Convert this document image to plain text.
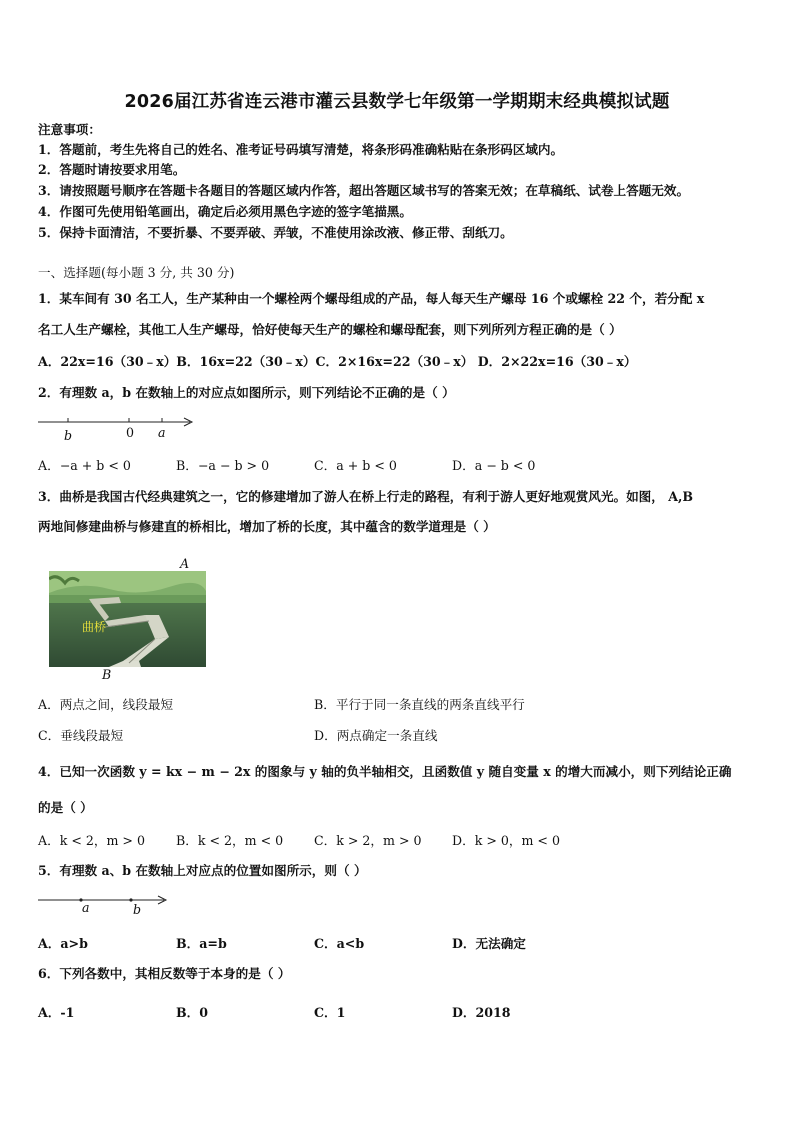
2026届江苏省连云港市灌云县数学七年级第一学期期末经典模拟试题
注意事项：
1．答题前，考生先将自己的姓名、准考证号码填写清楚，将条形码准确粘贴在条形码区域内。
2．答题时请按要求用笔。
3．请按照题号顺序在答题卡各题目的答题区域内作答，超出答题区域书写的答案无效；在草稿纸、试卷上答题无效。
4．作图可先使用铅笔画出，确定后必须用黑色字迹的签字笔描黑。
5．保持卡面清洁，不要折暴、不要弄破、弄皱，不准使用涂改液、修正带、刮纸刀。
一、选择题(每小题 3 分, 共 30 分)
1．某车间有 30 名工人，生产某种由一个螺栓两个螺母组成的产品，每人每天生产螺母 16 个或螺栓 22 个，若分配 x
名工人生产螺栓，其他工人生产螺母，恰好使每天生产的螺栓和螺母配套，则下列所列方程正确的是（ ）
A．22x=16（30﹣x）B．16x=22（30﹣x）C．2×16x=22（30﹣x） D．2×22x=16（30﹣x）
2．有理数 a，b 在数轴上的对应点如图所示，则下列结论不正确的是（ ）
b	0 a
A．−a + b < 0	B．−a − b > 0	C．a + b < 0	D．a − b < 0
3．曲桥是我国古代经典建筑之一，它的修建增加了游人在桥上行走的路程，有利于游人更好地观赏风光。如图， A,B
两地间修建曲桥与修建直的桥相比，增加了桥的长度，其中蕴含的数学道理是（ ）
A
曲桥
B
A．两点之间，线段最短	B．平行于同一条直线的两条直线平行
C．垂线段最短	D．两点确定一条直线
4．已知一次函数 y = kx − m − 2x 的图象与 y 轴的负半轴相交，且函数值 y 随自变量 x 的增大而减小，则下列结论正确
的是（ ）
A．k < 2，m > 0 B．k < 2，m < 0 C．k > 2，m > 0 D．k > 0，m < 0
5．有理数 a、b 在数轴上对应点的位置如图所示，则（ ）
a	b
A．a>b	B．a=b	C．a<b	D．无法确定
6．下列各数中，其相反数等于本身的是（ ）
A．-1	B．0	C．1	D．2018
